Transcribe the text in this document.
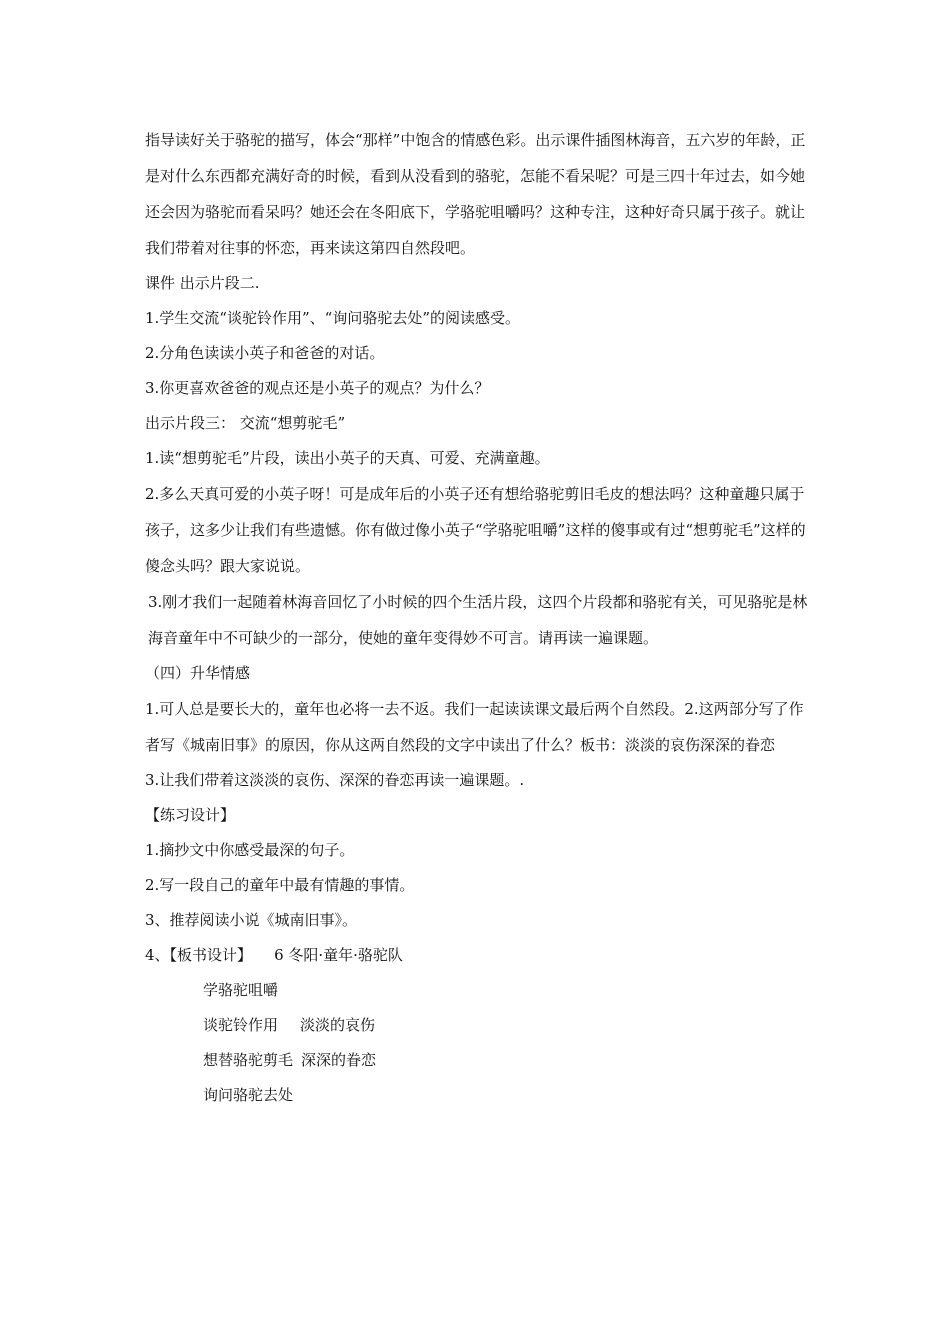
指导读好关于骆驼的描写，体会“那样”中饱含的情感色彩。出示课件插图林海音，五六岁的年龄，正是对什么东西都充满好奇的时候，看到从没看到的骆驼，怎能不看呆呢？可是三四十年过去，如今她还会因为骆驼而看呆吗？她还会在冬阳底下，学骆驼咀嚼吗？这种专注，这种好奇只属于孩子。就让我们带着对往事的怀恋，再来读这第四自然段吧。

课件 出示片段二.

1.学生交流“谈驼铃作用”、“询问骆驼去处”的阅读感受。

2.分角色读读小英子和爸爸的对话。

3.你更喜欢爸爸的观点还是小英子的观点？为什么？

出示片段三： 交流“想剪驼毛”

1.读“想剪驼毛”片段，读出小英子的天真、可爱、充满童趣。

2.多么天真可爱的小英子呀！可是成年后的小英子还有想给骆驼剪旧毛皮的想法吗？这种童趣只属于孩子，这多少让我们有些遗憾。你有做过像小英子“学骆驼咀嚼”这样的傻事或有过“想剪驼毛”这样的傻念头吗？跟大家说说。

3.刚才我们一起随着林海音回忆了小时候的四个生活片段，这四个片段都和骆驼有关，可见骆驼是林海音童年中不可缺少的一部分，使她的童年变得妙不可言。请再读一遍课题。

（四）升华情感

1.可人总是要长大的，童年也必将一去不返。我们一起读读课文最后两个自然段。2.这两部分写了作者写《城南旧事》的原因，你从这两自然段的文字中读出了什么？板书：淡淡的哀伤深深的眷恋

3.让我们带着这淡淡的哀伤、深深的眷恋再读一遍课题。.

【练习设计】

1.摘抄文中你感受最深的句子。

2.写一段自己的童年中最有情趣的事情。

3、推荐阅读小说《城南旧事》。

4、【板书设计】 6 冬阳·童年·骆驼队

学骆驼咀嚼

谈驼铃作用 淡淡的哀伤

想替骆驼剪毛 深深的眷恋

询问骆驼去处
